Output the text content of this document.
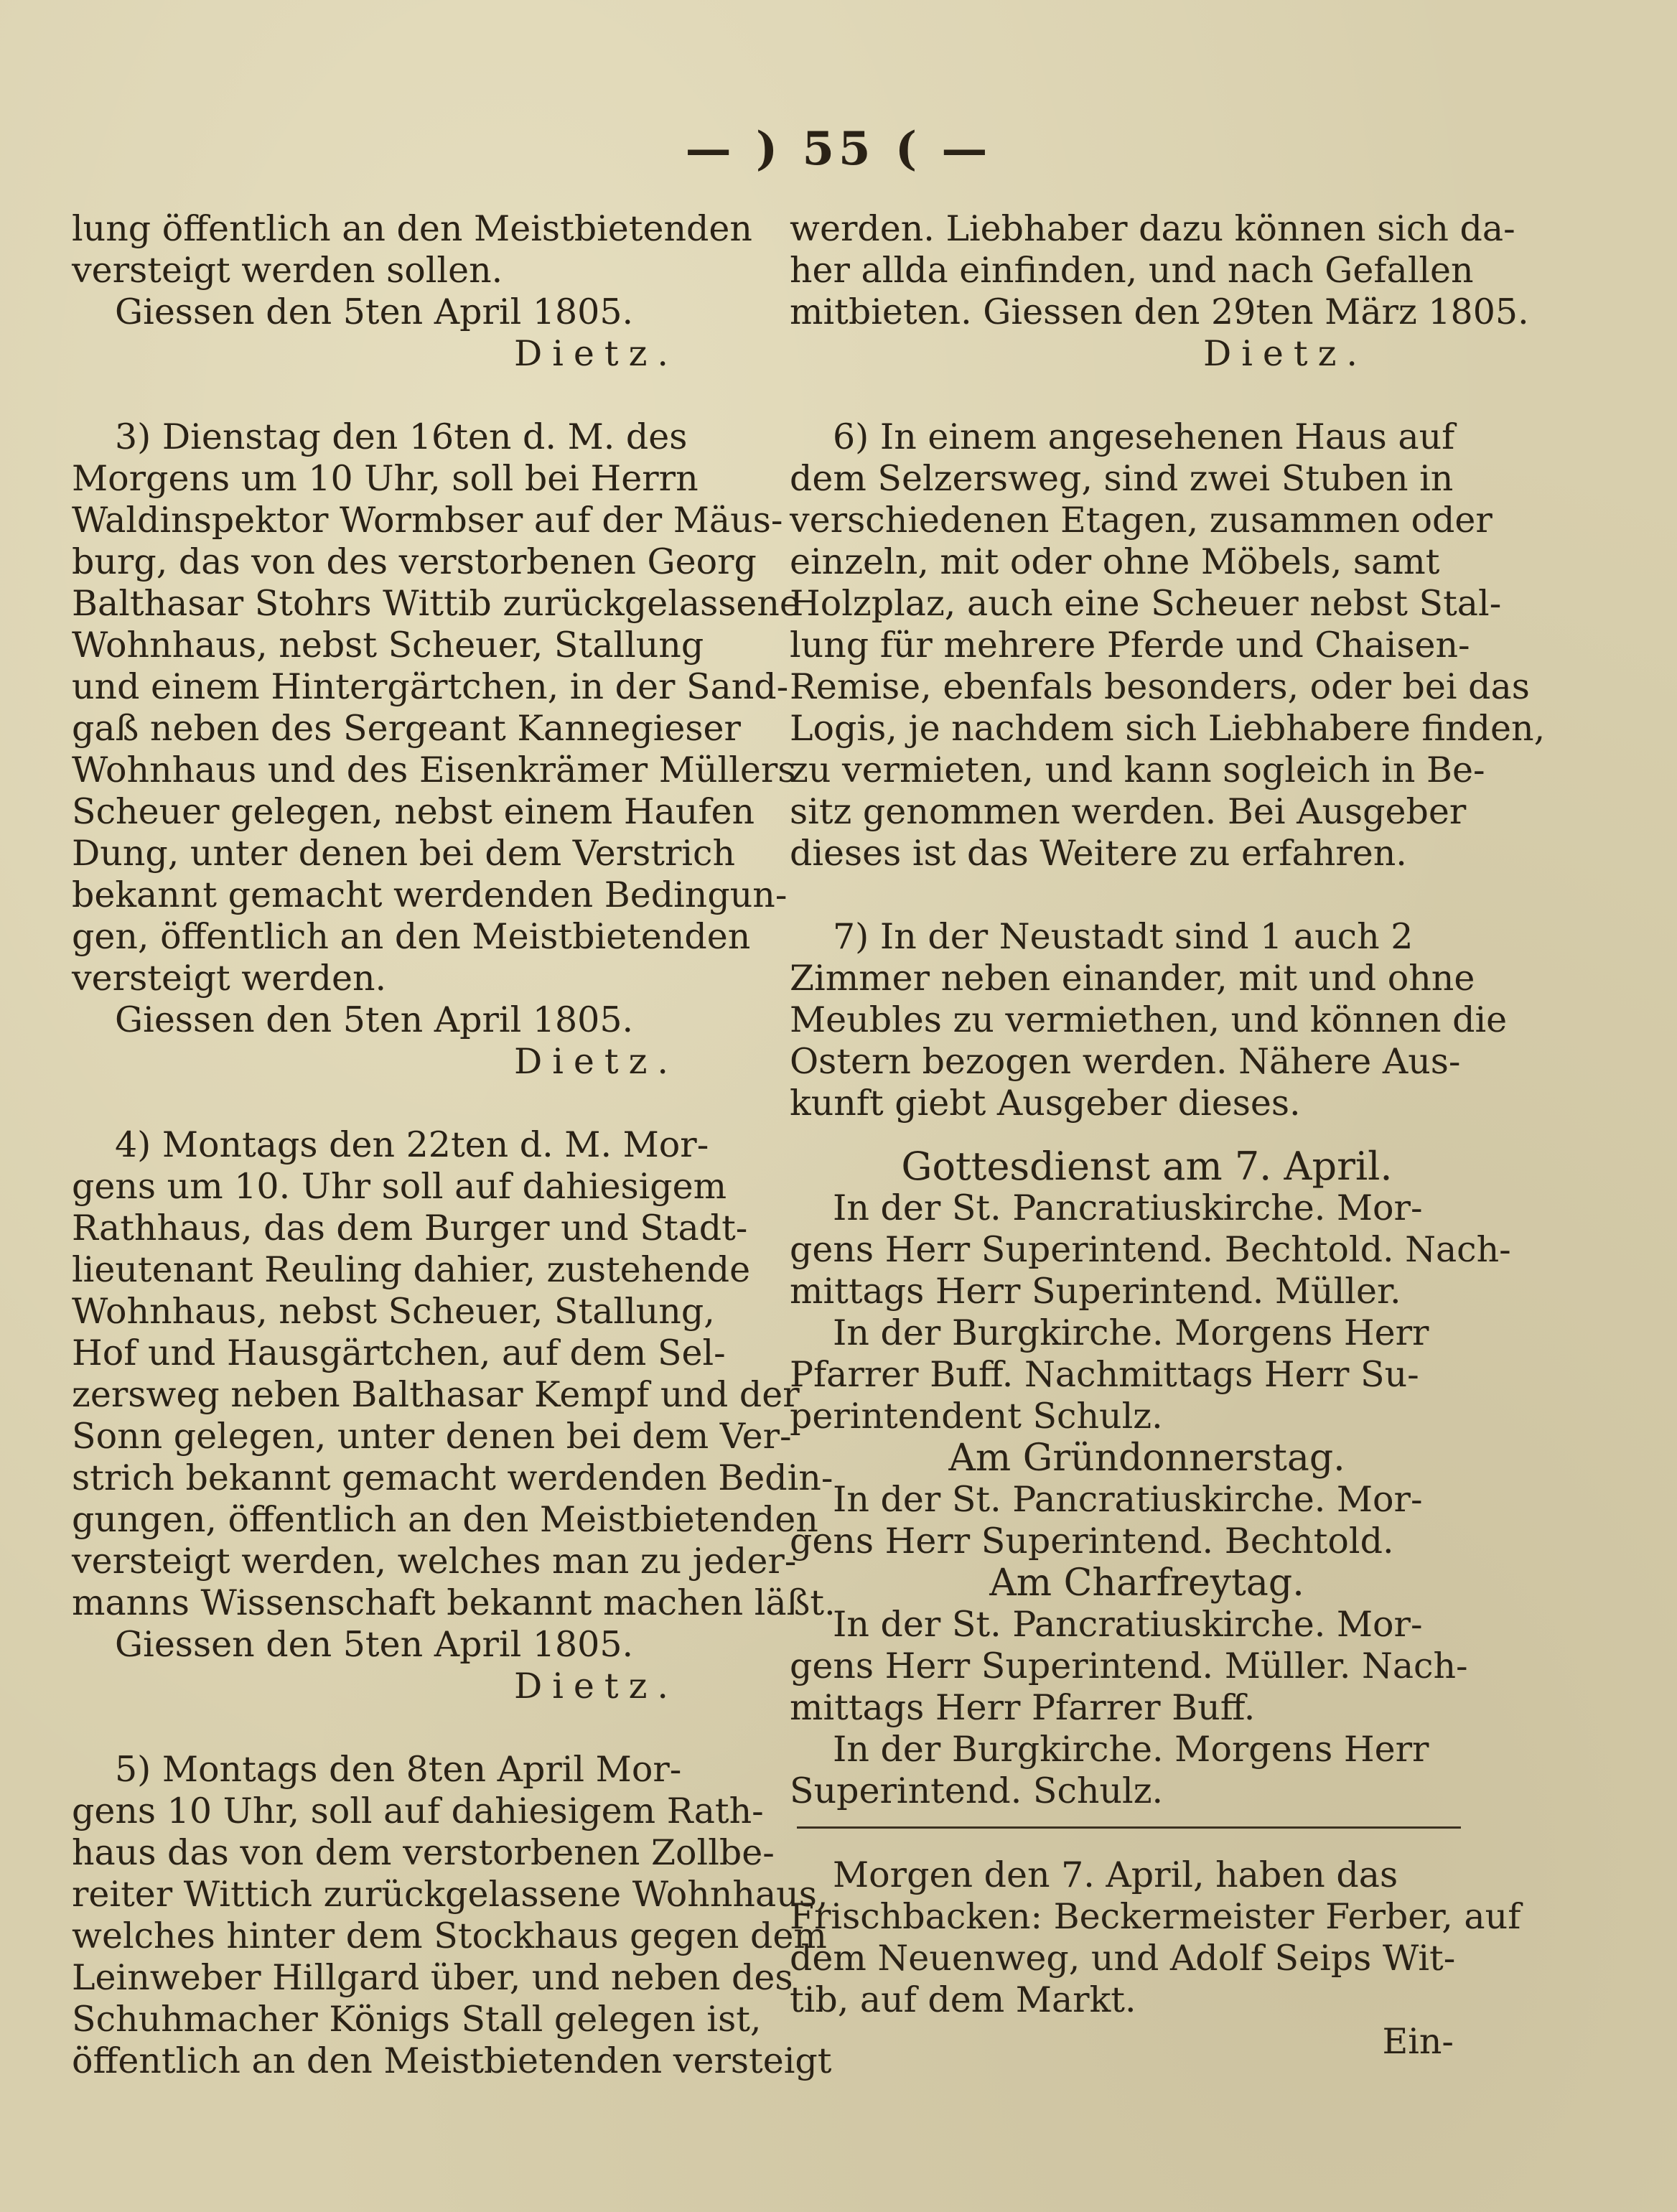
— ) 55 ( —
lung öffentlich an den Meistbietenden
versteigt werden sollen.
Giessen den 5ten April 1805.
Dietz.
3) Dienstag den 16ten d. M. des
Morgens um 10 Uhr, soll bei Herrn
Waldinspektor Wormbser auf der Mäus-
burg, das von des verstorbenen Georg
Balthasar Stohrs Wittib zurückgelassene
Wohnhaus, nebst Scheuer, Stallung
und einem Hintergärtchen, in der Sand-
gaß neben des Sergeant Kannegieser
Wohnhaus und des Eisenkrämer Müllers
Scheuer gelegen, nebst einem Haufen
Dung, unter denen bei dem Verstrich
bekannt gemacht werdenden Bedingun-
gen, öffentlich an den Meistbietenden
versteigt werden.
Giessen den 5ten April 1805.
Dietz.
4) Montags den 22ten d. M. Mor-
gens um 10. Uhr soll auf dahiesigem
Rathhaus, das dem Burger und Stadt-
lieutenant Reuling dahier, zustehende
Wohnhaus, nebst Scheuer, Stallung,
Hof und Hausgärtchen, auf dem Sel-
zersweg neben Balthasar Kempf und der
Sonn gelegen, unter denen bei dem Ver-
strich bekannt gemacht werdenden Bedin-
gungen, öffentlich an den Meistbietenden
versteigt werden, welches man zu jeder-
manns Wissenschaft bekannt machen läßt.
Giessen den 5ten April 1805.
Dietz.
5) Montags den 8ten April Mor-
gens 10 Uhr, soll auf dahiesigem Rath-
haus das von dem verstorbenen Zollbe-
reiter Wittich zurückgelassene Wohnhaus,
welches hinter dem Stockhaus gegen dem
Leinweber Hillgard über, und neben des
Schuhmacher Königs Stall gelegen ist,
öffentlich an den Meistbietenden versteigt
werden. Liebhaber dazu können sich da-
her allda einfinden, und nach Gefallen
mitbieten. Giessen den 29ten März 1805.
Dietz.
6) In einem angesehenen Haus auf
dem Selzersweg, sind zwei Stuben in
verschiedenen Etagen, zusammen oder
einzeln, mit oder ohne Möbels, samt
Holzplaz, auch eine Scheuer nebst Stal-
lung für mehrere Pferde und Chaisen-
Remise, ebenfals besonders, oder bei das
Logis, je nachdem sich Liebhabere finden,
zu vermieten, und kann sogleich in Be-
sitz genommen werden. Bei Ausgeber
dieses ist das Weitere zu erfahren.
7) In der Neustadt sind 1 auch 2
Zimmer neben einander, mit und ohne
Meubles zu vermiethen, und können die
Ostern bezogen werden. Nähere Aus-
kunft giebt Ausgeber dieses.
Gottesdienst am 7. April.
In der St. Pancratiuskirche. Mor-
gens Herr Superintend. Bechtold. Nach-
mittags Herr Superintend. Müller.
In der Burgkirche. Morgens Herr
Pfarrer Buff. Nachmittags Herr Su-
perintendent Schulz.
Am Gründonnerstag.
In der St. Pancratiuskirche. Mor-
gens Herr Superintend. Bechtold.
Am Charfreytag.
In der St. Pancratiuskirche. Mor-
gens Herr Superintend. Müller. Nach-
mittags Herr Pfarrer Buff.
In der Burgkirche. Morgens Herr
Superintend. Schulz.
Morgen den 7. April, haben das
Frischbacken: Beckermeister Ferber, auf
dem Neuenweg, und Adolf Seips Wit-
tib, auf dem Markt.
Ein-
